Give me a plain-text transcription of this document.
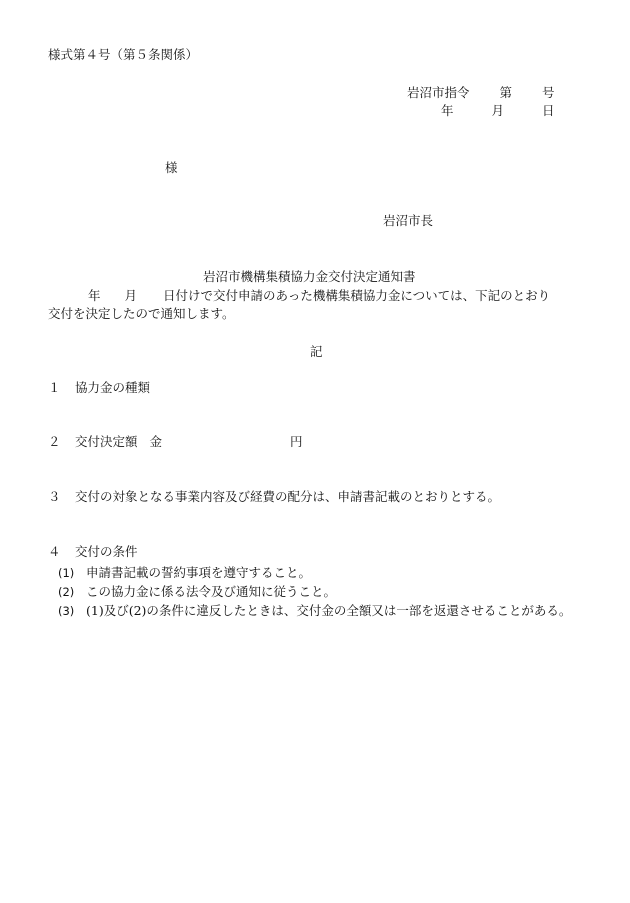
様式第４号（第５条関係）
岩沼市指令 第 号
年	月	日
様
岩沼市長
岩沼市機構集積協力金交付決定通知書
年 月 日付けで交付申請のあった機構集積協力金については、下記のとおり
交付を決定したので通知します。
記
１ 協力金の種類
２ 交付決定額 金	円
３ 交付の対象となる事業内容及び経費の配分は、申請書記載のとおりとする。
４ 交付の条件
(1) 申請書記載の誓約事項を遵守すること。
(2) この協力金に係る法令及び通知に従うこと。
(3) (1)及び(2)の条件に違反したときは、交付金の全額又は一部を返還させることがある。
